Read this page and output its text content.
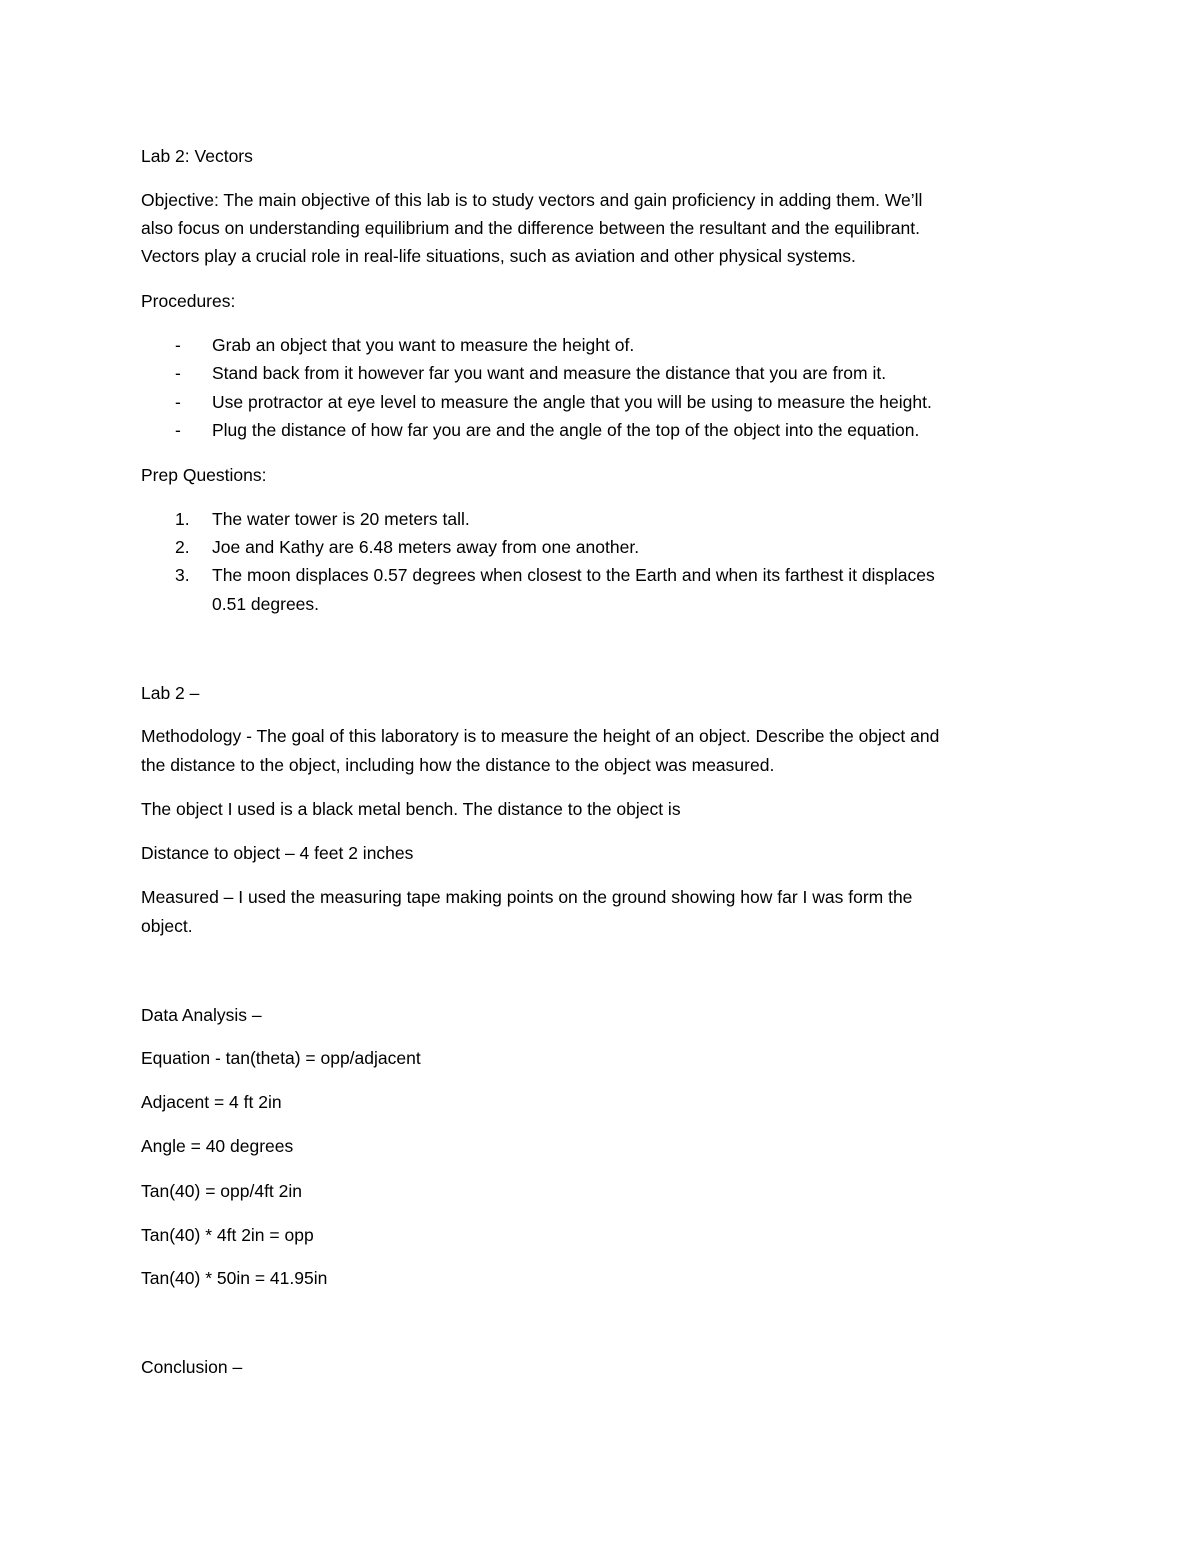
Lab 2: Vectors
Objective: The main objective of this lab is to study vectors and gain proficiency in adding them. We’ll
also focus on understanding equilibrium and the difference between the resultant and the equilibrant.
Vectors play a crucial role in real-life situations, such as aviation and other physical systems.
Procedures:
- Grab an object that you want to measure the height of.
- Stand back from it however far you want and measure the distance that you are from it.
- Use protractor at eye level to measure the angle that you will be using to measure the height.
- Plug the distance of how far you are and the angle of the top of the object into the equation.
Prep Questions:
1. The water tower is 20 meters tall.
2. Joe and Kathy are 6.48 meters away from one another.
3. The moon displaces 0.57 degrees when closest to the Earth and when its farthest it displaces
0.51 degrees.
Lab 2 –
Methodology - The goal of this laboratory is to measure the height of an object. Describe the object and
the distance to the object, including how the distance to the object was measured.
The object I used is a black metal bench. The distance to the object is
Distance to object – 4 feet 2 inches
Measured – I used the measuring tape making points on the ground showing how far I was form the
object.
Data Analysis –
Equation - tan(theta) = opp/adjacent
Adjacent = 4 ft 2in
Angle = 40 degrees
Tan(40) = opp/4ft 2in
Tan(40) * 4ft 2in = opp
Tan(40) * 50in = 41.95in
Conclusion –
